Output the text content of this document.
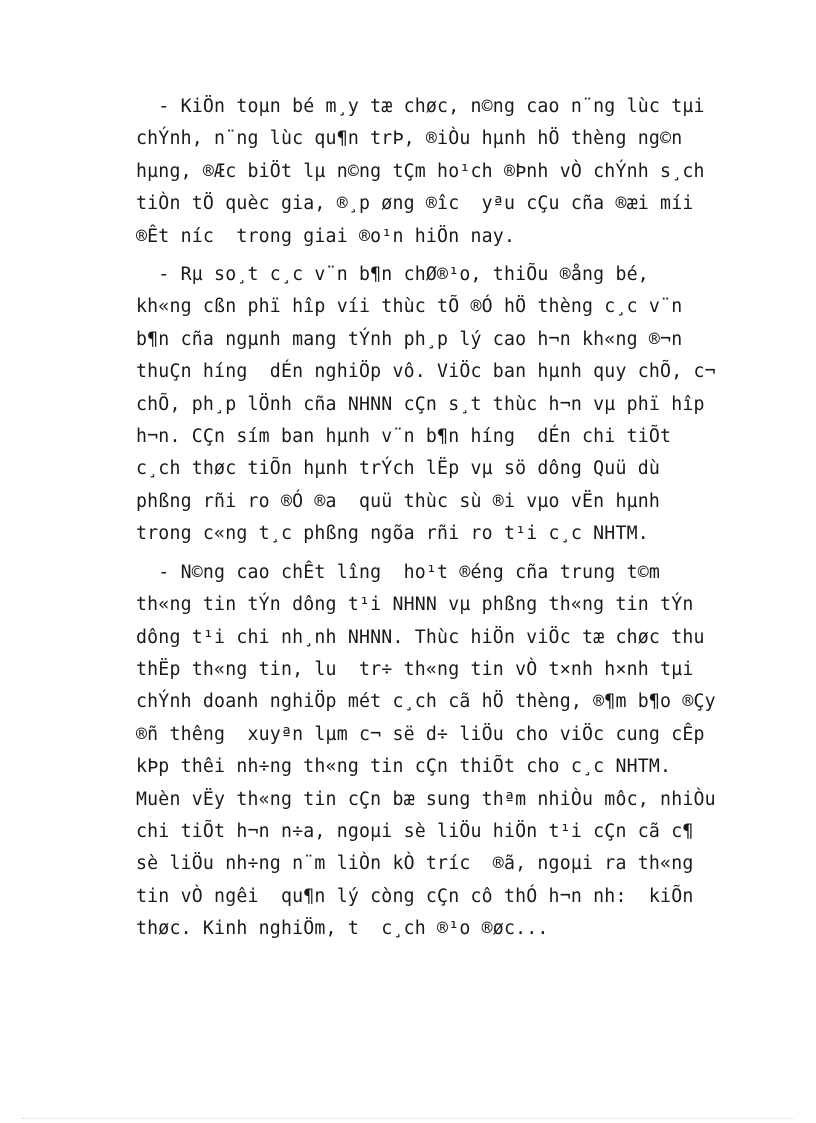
- KiÖn toµn bé m¸y tæ chøc, n©ng cao n¨ng lùc tµi
chÝnh, n¨ng lùc qu¶n trÞ, ®iÒu hµnh hÖ thèng ng©n
hµng, ®Æc biÖt lµ n©ng tÇm ho¹ch ®Þnh vÒ chÝnh s¸ch
tiÒn tÖ quèc gia, ®¸p øng ®îc  yªu cÇu cña ®æi míi
®Êt níc  trong giai ®o¹n hiÖn nay.
- Rµ so¸t c¸c v¨n b¶n chØ®¹o, thiÕu ®ång bé,
kh«ng cßn phï hîp víi thùc tÕ ®Ó hÖ thèng c¸c v¨n
b¶n cña ngµnh mang tÝnh ph¸p lý cao h¬n kh«ng ®¬n
thuÇn híng  dÉn nghiÖp vô. ViÖc ban hµnh quy chÕ, c¬
chÕ, ph¸p lÖnh cña NHNN cÇn s¸t thùc h¬n vµ phï hîp
h¬n. CÇn sím ban hµnh v¨n b¶n híng  dÉn chi tiÕt
c¸ch thøc tiÕn hµnh trÝch lËp vµ sö dông Quü dù
phßng rñi ro ®Ó ®a  quü thùc sù ®i vµo vËn hµnh
trong c«ng t¸c phßng ngõa rñi ro t¹i c¸c NHTM.
- N©ng cao chÊt lîng  ho¹t ®éng cña trung t©m
th«ng tin tÝn dông t¹i NHNN vµ phßng th«ng tin tÝn
dông t¹i chi nh¸nh NHNN. Thùc hiÖn viÖc tæ chøc thu
thËp th«ng tin, lu  tr÷ th«ng tin vÒ t×nh h×nh tµi
chÝnh doanh nghiÖp mét c¸ch cã hÖ thèng, ®¶m b¶o ®Çy
®ñ thêng  xuyªn lµm c¬ së d÷ liÖu cho viÖc cung cÊp
kÞp thêi nh÷ng th«ng tin cÇn thiÕt cho c¸c NHTM.
Muèn vËy th«ng tin cÇn bæ sung thªm nhiÒu môc, nhiÒu
chi tiÕt h¬n n÷a, ngoµi sè liÖu hiÖn t¹i cÇn cã c¶
sè liÖu nh÷ng n¨m liÒn kÒ tríc  ®ã, ngoµi ra th«ng
tin vÒ ngêi  qu¶n lý còng cÇn cô thÓ h¬n nh:  kiÕn
thøc. Kinh nghiÖm, t  c¸ch ®¹o ®øc...
